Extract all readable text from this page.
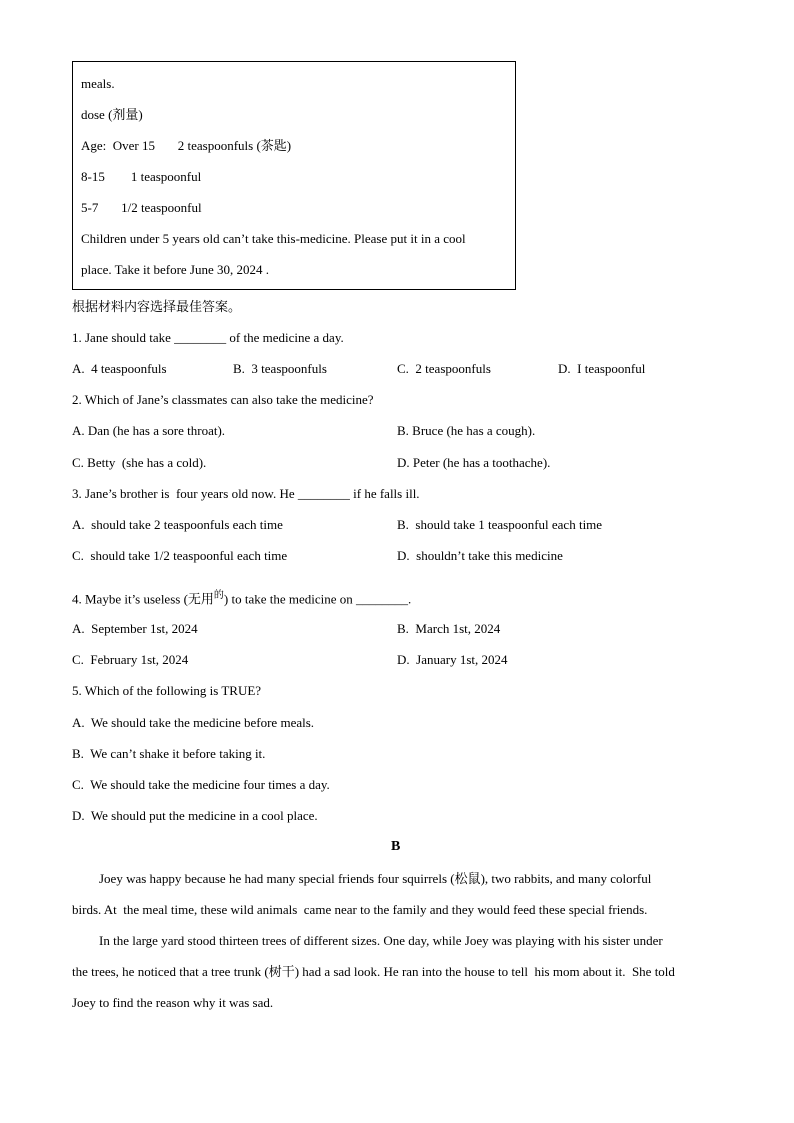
meals.
dose (剂量)
Age:  Over 15       2 teaspoonfuls (茶匙)
8-15        1 teaspoonful
5-7       1/2 teaspoonful
Children under 5 years old can’t take this-medicine. Please put it in a cool
place. Take it before June 30, 2024 .
根据材料内容选择最佳答案。
1. Jane should take ________ of the medicine a day.
A.  4 teaspoonfuls	B.  3 teaspoonfuls	C.  2 teaspoonfuls	D.  I teaspoonful
2. Which of Jane’s classmates can also take the medicine?
A. Dan (he has a sore throat).	B. Bruce (he has a cough).
C. Betty  (she has a cold).	D. Peter (he has a toothache).
3. Jane’s brother is  four years old now. He ________ if he falls ill.
A.  should take 2 teaspoonfuls each time	B.  should take 1 teaspoonful each time
C.  should take 1/2 teaspoonful each time	D.  shouldn’t take this medicine
4. Maybe it’s useless (无用$^的$) to take the medicine on ________.
A.  September 1st, 2024	B.  March 1st, 2024
C.  February 1st, 2024	D.  January 1st, 2024
5. Which of the following is TRUE?
A.  We should take the medicine before meals.
B.  We can’t shake it before taking it.
C.  We should take the medicine four times a day.
D.  We should put the medicine in a cool place.
B
Joey was happy because he had many special friends four squirrels (松鼠), two rabbits, and many colorful
birds. At  the meal time, these wild animals  came near to the family and they would feed these special friends.
In the large yard stood thirteen trees of different sizes. One day, while Joey was playing with his sister under
the trees, he noticed that a tree trunk (树干) had a sad look. He ran into the house to tell  his mom about it.  She told
Joey to find the reason why it was sad.
